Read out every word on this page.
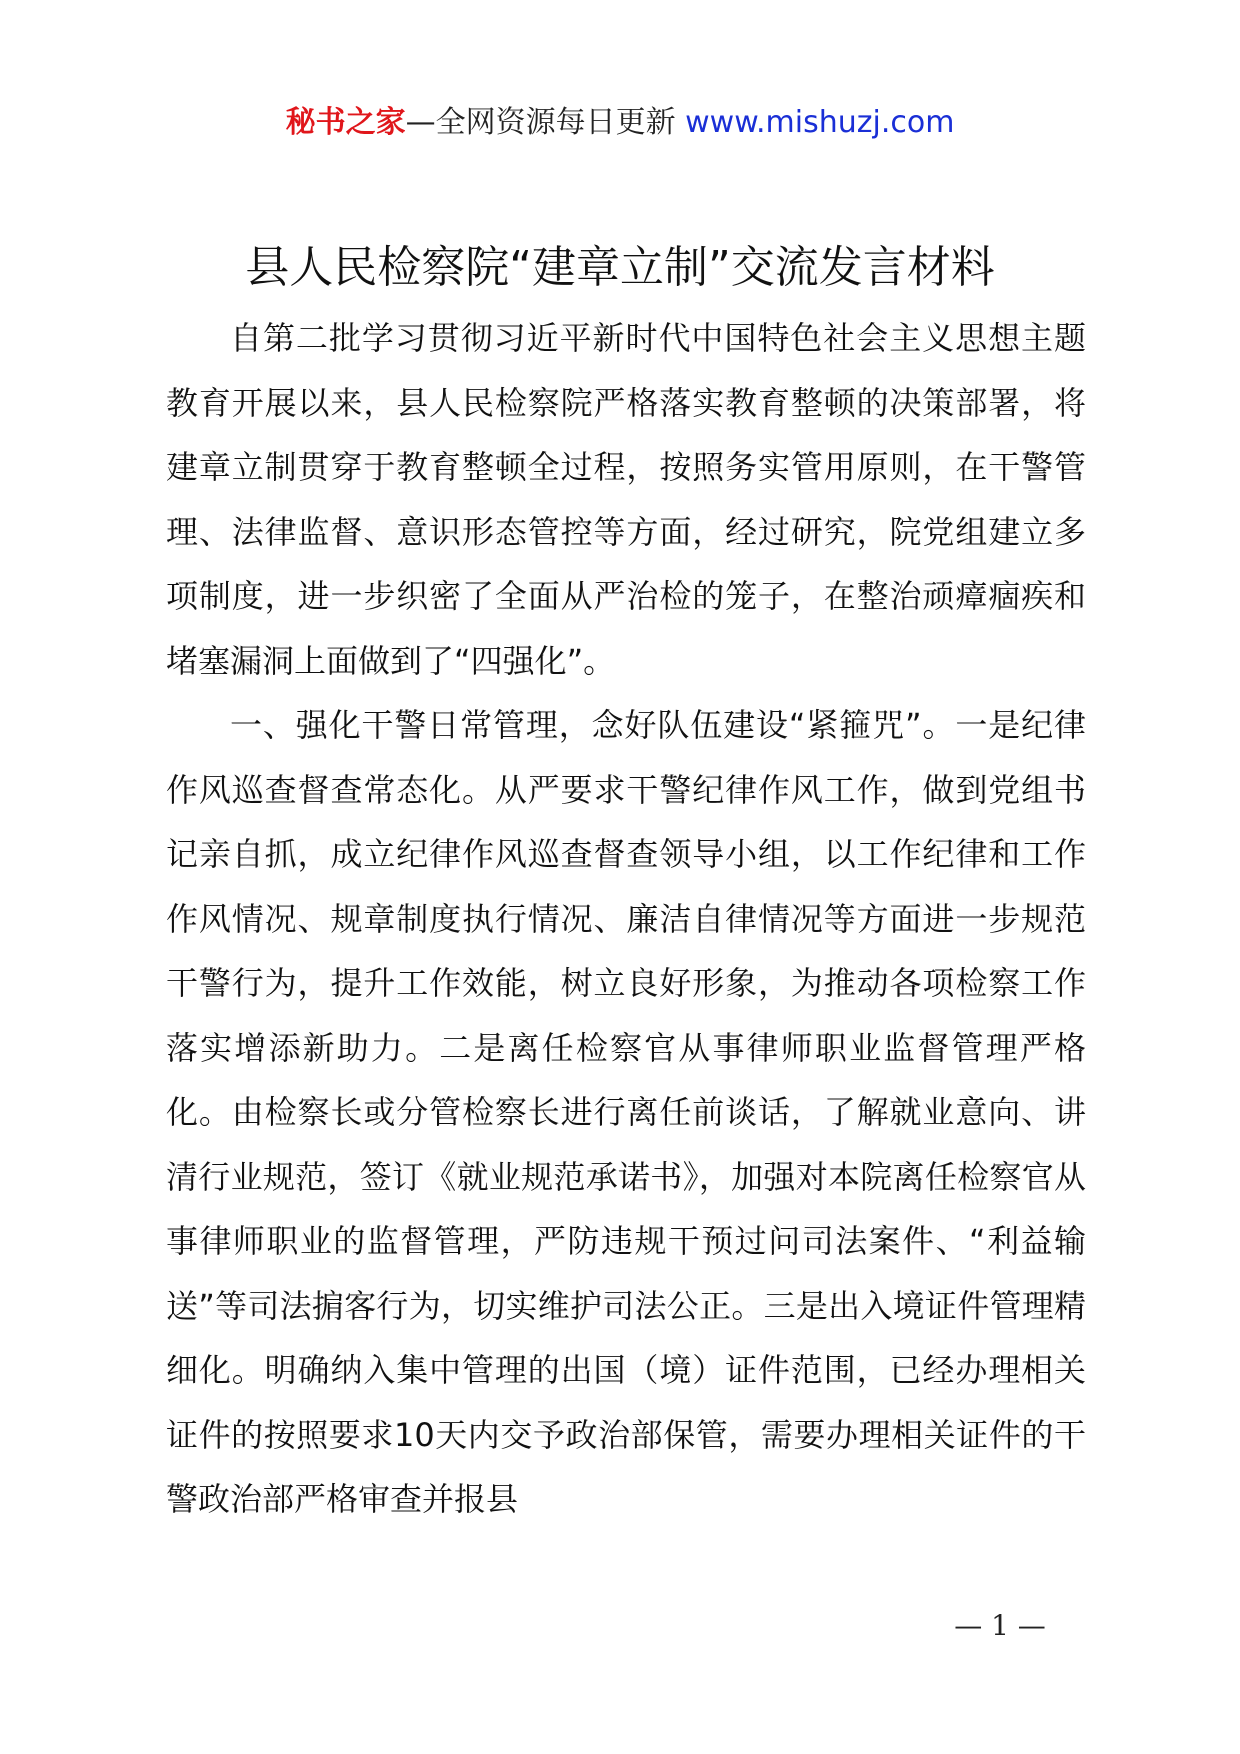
秘书之家—全网资源每日更新 www.mishuzj.com
县人民检察院“建章立制”交流发言材料

自第二批学习贯彻习近平新时代中国特色社会主义思想主题教育开展以来，县人民检察院严格落实教育整顿的决策部署，将建章立制贯穿于教育整顿全过程，按照务实管用原则，在干警管理、法律监督、意识形态管控等方面，经过研究，院党组建立多项制度，进一步织密了全面从严治检的笼子，在整治顽瘴痼疾和堵塞漏洞上面做到了“四强化”。

一、强化干警日常管理，念好队伍建设“紧箍咒”。一是纪律作风巡查督查常态化。从严要求干警纪律作风工作，做到党组书记亲自抓，成立纪律作风巡查督查领导小组，以工作纪律和工作作风情况、规章制度执行情况、廉洁自律情况等方面进一步规范干警行为，提升工作效能，树立良好形象，为推动各项检察工作落实增添新助力。二是离任检察官从事律师职业监督管理严格化。由检察长或分管检察长进行离任前谈话，了解就业意向、讲清行业规范，签订《就业规范承诺书》，加强对本院离任检察官从事律师职业的监督管理，严防违规干预过问司法案件、“利益输送”等司法掮客行为，切实维护司法公正。三是出入境证件管理精细化。明确纳入集中管理的出国（境）证件范围，已经办理相关证件的按照要求10天内交予政治部保管，需要办理相关证件的干警政治部严格审查并报县

— 1 —
